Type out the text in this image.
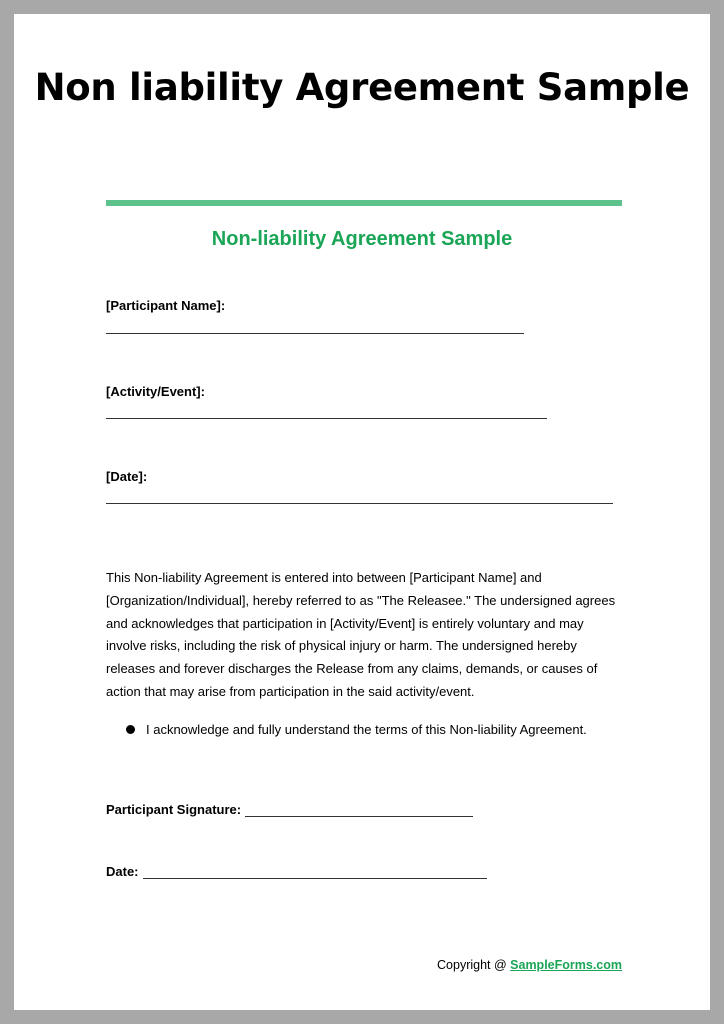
Non liability Agreement Sample
Non-liability Agreement Sample
[Participant Name]:
[Activity/Event]:
[Date]:

This Non-liability Agreement is entered into between [Participant Name] and [Organization/Individual], hereby referred to as "The Releasee." The undersigned agrees and acknowledges that participation in [Activity/Event] is entirely voluntary and may involve risks, including the risk of physical injury or harm. The undersigned hereby releases and forever discharges the Release from any claims, demands, or causes of action that may arise from participation in the said activity/event.

I acknowledge and fully understand the terms of this Non-liability Agreement.
Participant Signature:
Date:
Copyright @ SampleForms.com
